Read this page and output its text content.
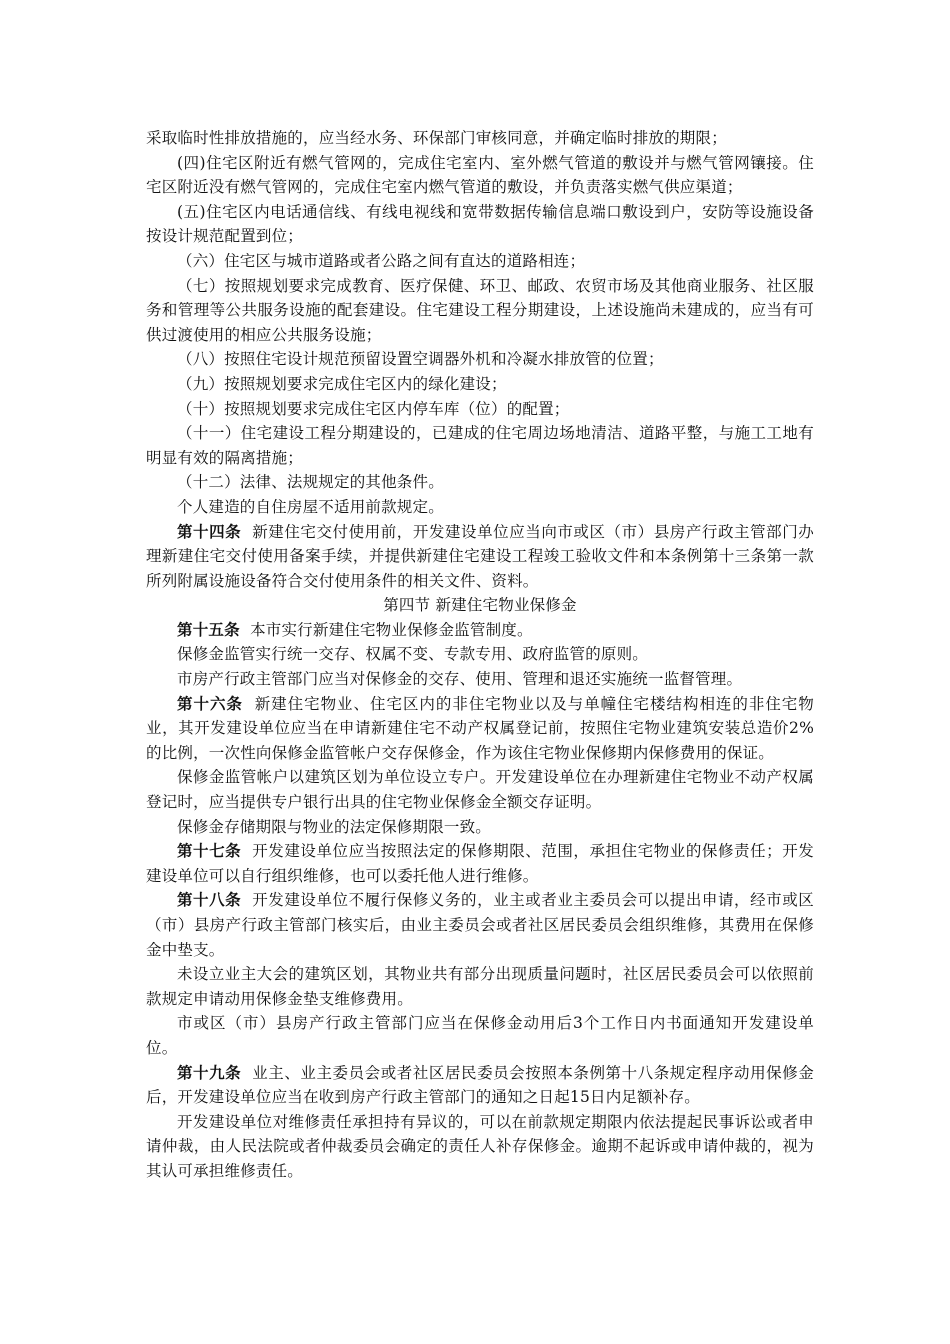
采取临时性排放措施的，应当经水务、环保部门审核同意，并确定临时排放的期限；

(四)住宅区附近有燃气管网的，完成住宅室内、室外燃气管道的敷设并与燃气管网镶接。住宅区附近没有燃气管网的，完成住宅室内燃气管道的敷设，并负责落实燃气供应渠道；

(五)住宅区内电话通信线、有线电视线和宽带数据传输信息端口敷设到户，安防等设施设备按设计规范配置到位；

（六）住宅区与城市道路或者公路之间有直达的道路相连；

（七）按照规划要求完成教育、医疗保健、环卫、邮政、农贸市场及其他商业服务、社区服务和管理等公共服务设施的配套建设。住宅建设工程分期建设，上述设施尚未建成的，应当有可供过渡使用的相应公共服务设施；

（八）按照住宅设计规范预留设置空调器外机和冷凝水排放管的位置；

（九）按照规划要求完成住宅区内的绿化建设；

（十）按照规划要求完成住宅区内停车库（位）的配置；

（十一）住宅建设工程分期建设的，已建成的住宅周边场地清洁、道路平整，与施工工地有明显有效的隔离措施；

（十二）法律、法规规定的其他条件。

个人建造的自住房屋不适用前款规定。

第十四条  新建住宅交付使用前，开发建设单位应当向市或区（市）县房产行政主管部门办理新建住宅交付使用备案手续，并提供新建住宅建设工程竣工验收文件和本条例第十三条第一款所列附属设施设备符合交付使用条件的相关文件、资料。

第四节 新建住宅物业保修金

第十五条  本市实行新建住宅物业保修金监管制度。

保修金监管实行统一交存、权属不变、专款专用、政府监管的原则。

市房产行政主管部门应当对保修金的交存、使用、管理和退还实施统一监督管理。

第十六条  新建住宅物业、住宅区内的非住宅物业以及与单幢住宅楼结构相连的非住宅物业，其开发建设单位应当在申请新建住宅不动产权属登记前，按照住宅物业建筑安装总造价2%的比例，一次性向保修金监管帐户交存保修金，作为该住宅物业保修期内保修费用的保证。

保修金监管帐户以建筑区划为单位设立专户。开发建设单位在办理新建住宅物业不动产权属登记时，应当提供专户银行出具的住宅物业保修金全额交存证明。

保修金存储期限与物业的法定保修期限一致。

第十七条  开发建设单位应当按照法定的保修期限、范围，承担住宅物业的保修责任；开发建设单位可以自行组织维修，也可以委托他人进行维修。

第十八条  开发建设单位不履行保修义务的，业主或者业主委员会可以提出申请，经市或区（市）县房产行政主管部门核实后，由业主委员会或者社区居民委员会组织维修，其费用在保修金中垫支。

未设立业主大会的建筑区划，其物业共有部分出现质量问题时，社区居民委员会可以依照前款规定申请动用保修金垫支维修费用。

市或区（市）县房产行政主管部门应当在保修金动用后3个工作日内书面通知开发建设单位。

第十九条  业主、业主委员会或者社区居民委员会按照本条例第十八条规定程序动用保修金后，开发建设单位应当在收到房产行政主管部门的通知之日起15日内足额补存。

开发建设单位对维修责任承担持有异议的，可以在前款规定期限内依法提起民事诉讼或者申请仲裁，由人民法院或者仲裁委员会确定的责任人补存保修金。逾期不起诉或申请仲裁的，视为其认可承担维修责任。
